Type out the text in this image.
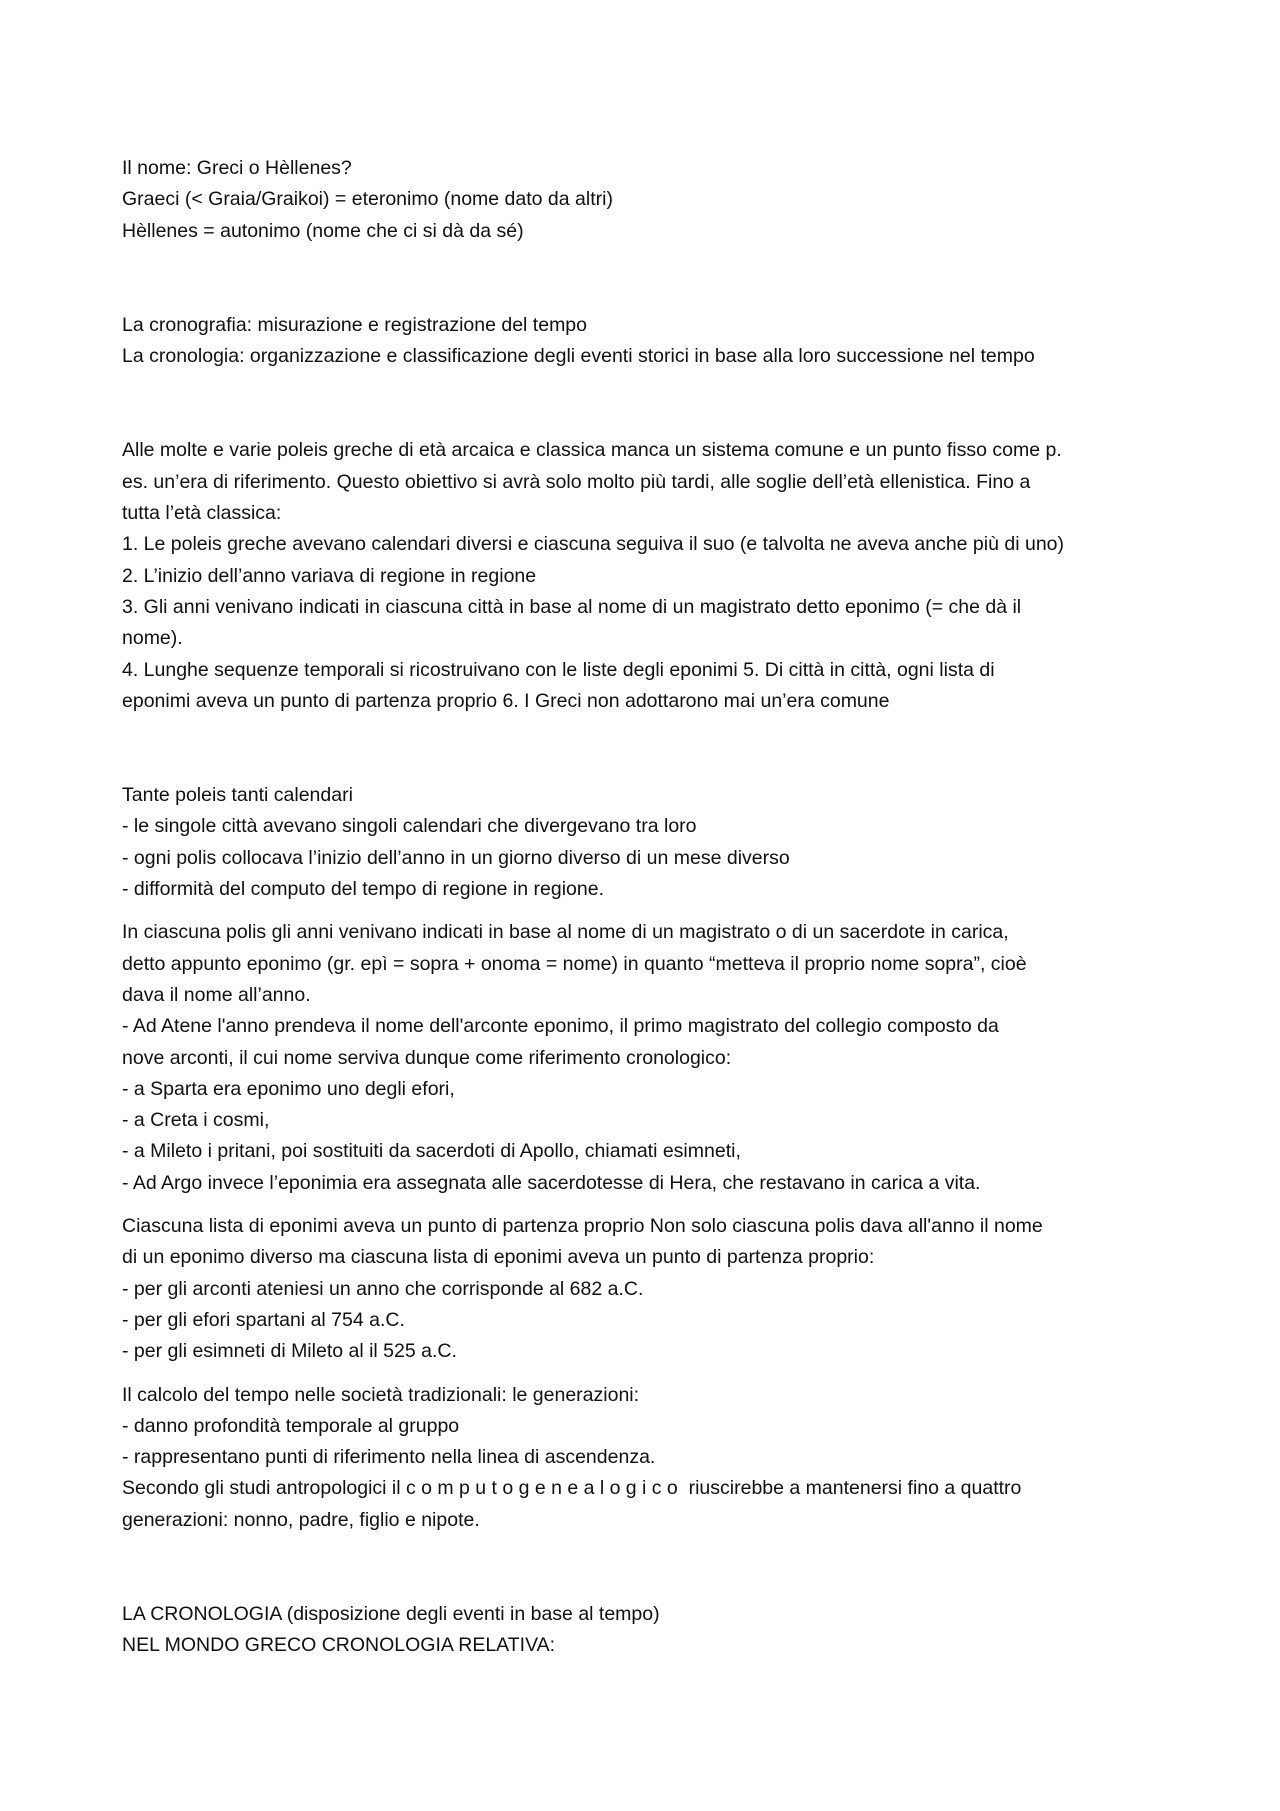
Il nome: Greci o Hèllenes?

Graeci (< Graia/Graikoi) = eteronimo (nome dato da altri)

Hèllenes = autonimo (nome che ci si dà da sé)

La cronografia: misurazione e registrazione del tempo

La cronologia: organizzazione e classificazione degli eventi storici in base alla loro successione nel tempo

Alle molte e varie poleis greche di età arcaica e classica manca un sistema comune e un punto fisso come p.

es. un’era di riferimento. Questo obiettivo si avrà solo molto più tardi, alle soglie dell’età ellenistica. Fino a

tutta l’età classica:

1. Le poleis greche avevano calendari diversi e ciascuna seguiva il suo (e talvolta ne aveva anche più di uno)

2. L’inizio dell’anno variava di regione in regione

3. Gli anni venivano indicati in ciascuna città in base al nome di un magistrato detto eponimo (= che dà il

nome).

4. Lunghe sequenze temporali si ricostruivano con le liste degli eponimi 5. Di città in città, ogni lista di

eponimi aveva un punto di partenza proprio 6. I Greci non adottarono mai un’era comune

Tante poleis tanti calendari

- le singole città avevano singoli calendari che divergevano tra loro

- ogni polis collocava l’inizio dell’anno in un giorno diverso di un mese diverso

- difformità del computo del tempo di regione in regione.

In ciascuna polis gli anni venivano indicati in base al nome di un magistrato o di un sacerdote in carica,

detto appunto eponimo (gr. epì = sopra + onoma = nome) in quanto “metteva il proprio nome sopra”, cioè

dava il nome all’anno.

- Ad Atene l'anno prendeva il nome dell'arconte eponimo, il primo magistrato del collegio composto da

nove arconti, il cui nome serviva dunque come riferimento cronologico:

- a Sparta era eponimo uno degli efori,

- a Creta i cosmi,

- a Mileto i pritani, poi sostituiti da sacerdoti di Apollo, chiamati esimneti,

- Ad Argo invece l’eponimia era assegnata alle sacerdotesse di Hera, che restavano in carica a vita.

Ciascuna lista di eponimi aveva un punto di partenza proprio Non solo ciascuna polis dava all'anno il nome

di un eponimo diverso ma ciascuna lista di eponimi aveva un punto di partenza proprio:

- per gli arconti ateniesi un anno che corrisponde al 682 a.C.

- per gli efori spartani al 754 a.C.

- per gli esimneti di Mileto al il 525 a.C.

Il calcolo del tempo nelle società tradizionali: le generazioni:

- danno profondità temporale al gruppo

- rappresentano punti di riferimento nella linea di ascendenza.

Secondo gli studi antropologici il computogenealogico riuscirebbe a mantenersi fino a quattro

generazioni: nonno, padre, figlio e nipote.

LA CRONOLOGIA (disposizione degli eventi in base al tempo)

NEL MONDO GRECO CRONOLOGIA RELATIVA:
